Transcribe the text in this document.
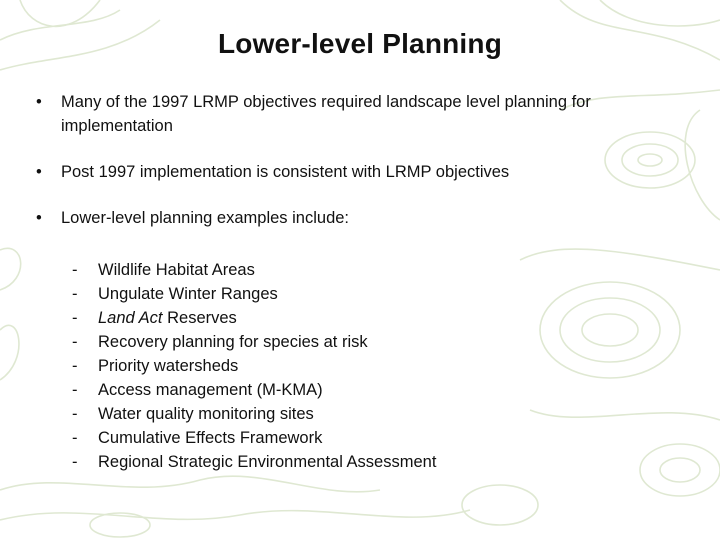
Lower-level Planning
• Many of the 1997 LRMP objectives required landscape level planning for implementation
• Post 1997 implementation is consistent with LRMP objectives
• Lower-level planning examples include:
- Wildlife Habitat Areas
- Ungulate Winter Ranges
- Land Act Reserves
- Recovery planning for species at risk
- Priority watersheds
- Access management (M-KMA)
- Water quality monitoring sites
- Cumulative Effects Framework
- Regional Strategic Environmental Assessment
